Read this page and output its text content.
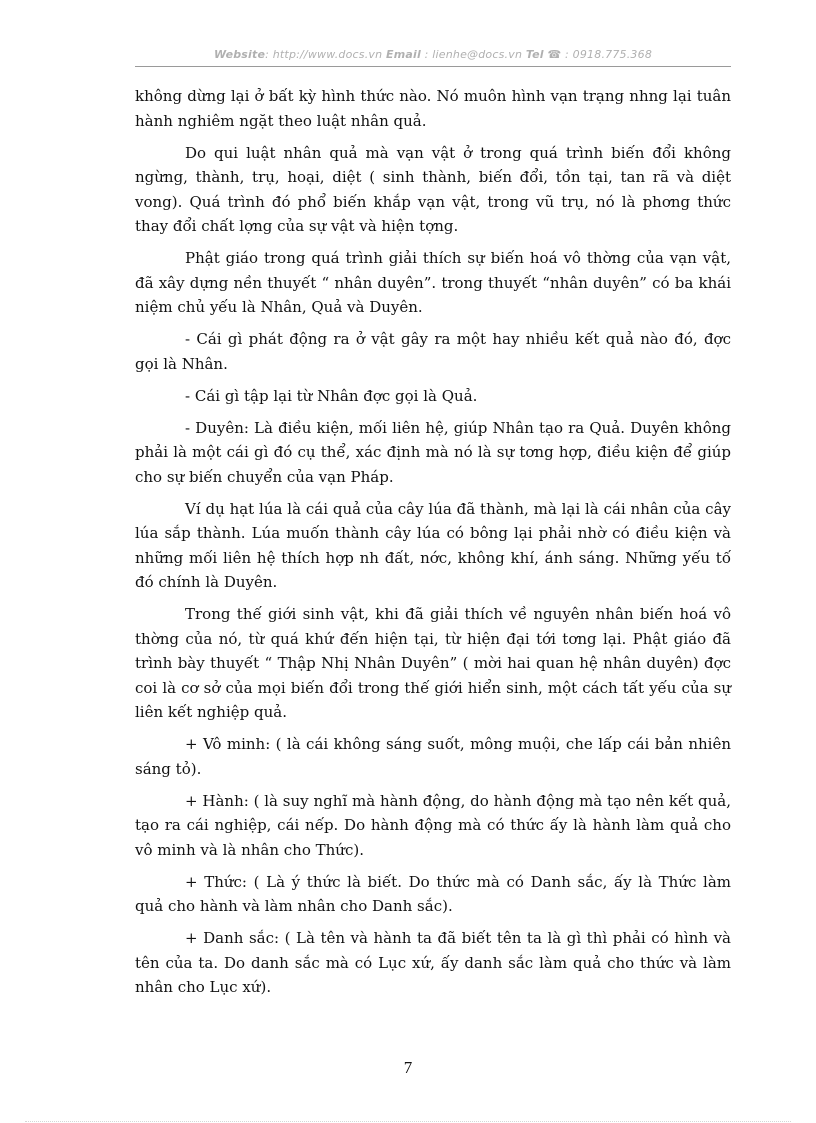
Website: http://www.docs.vn Email : lienhe@docs.vn Tel ☎ : 0918.775.368

không dừng lại ở bất kỳ hình thức nào. Nó muôn hình vạn trạng nhng lại tuân hành nghiêm ngặt theo luật nhân quả.

Do qui luật nhân quả mà vạn vật ở trong quá trình biến đổi không ngừng, thành, trụ, hoại, diệt ( sinh thành, biến đổi, tồn tại, tan rã và diệt vong). Quá trình đó phổ biến khắp vạn vật, trong vũ trụ, nó là phơng thức thay đổi chất lợng của sự vật và hiện tợng.

Phật giáo trong quá trình giải thích sự biến hoá vô thờng của vạn vật, đã xây dựng nền thuyết “ nhân duyên”. trong thuyết “nhân duyên” có ba khái niệm chủ yếu là Nhân, Quả và Duyên.

- Cái gì phát động ra ở vật gây ra một hay nhiều kết quả nào đó, đợc gọi là Nhân.

- Cái gì tập lại từ Nhân đợc gọi là Quả.

- Duyên: Là điều kiện, mối liên hệ, giúp Nhân tạo ra Quả. Duyên không phải là một cái gì đó cụ thể, xác định mà nó là sự tơng hợp, điều kiện để giúp cho sự biến chuyển của vạn Pháp.

Ví dụ hạt lúa là cái quả của cây lúa đã thành, mà lại là cái nhân của cây lúa sắp thành. Lúa muốn thành cây lúa có bông lại phải nhờ có điều kiện và những mối liên hệ thích hợp nh đất, nớc, không khí, ánh sáng. Những yếu tố đó chính là Duyên.

Trong thế giới sinh vật, khi đã giải thích về nguyên nhân biến hoá vô thờng của nó, từ quá khứ đến hiện tại, từ hiện đại tới tơng lại. Phật giáo đã trình bày thuyết “ Thập Nhị Nhân Duyên” ( mời hai quan hệ nhân duyên) đợc coi là cơ sở của mọi biến đổi trong thế giới hiển sinh, một cách tất yếu của sự liên kết nghiệp quả.

+ Vô minh: ( là cái không sáng suốt, mông muội, che lấp cái bản nhiên sáng tỏ).

+ Hành: ( là suy nghĩ mà hành động, do hành động mà tạo nên kết quả, tạo ra cái nghiệp, cái nếp. Do hành động mà có thức ấy là hành làm quả cho vô minh và là nhân cho Thức).

+ Thức: ( Là ý thức là biết. Do thức mà có Danh sắc, ấy là Thức làm quả cho hành và làm nhân cho Danh sắc).

+ Danh sắc: ( Là tên và hành ta đã biết tên ta là gì thì phải có hình và tên của ta. Do danh sắc mà có Lục xứ, ấy danh sắc làm quả cho thức và làm nhân cho Lục xứ).

7
